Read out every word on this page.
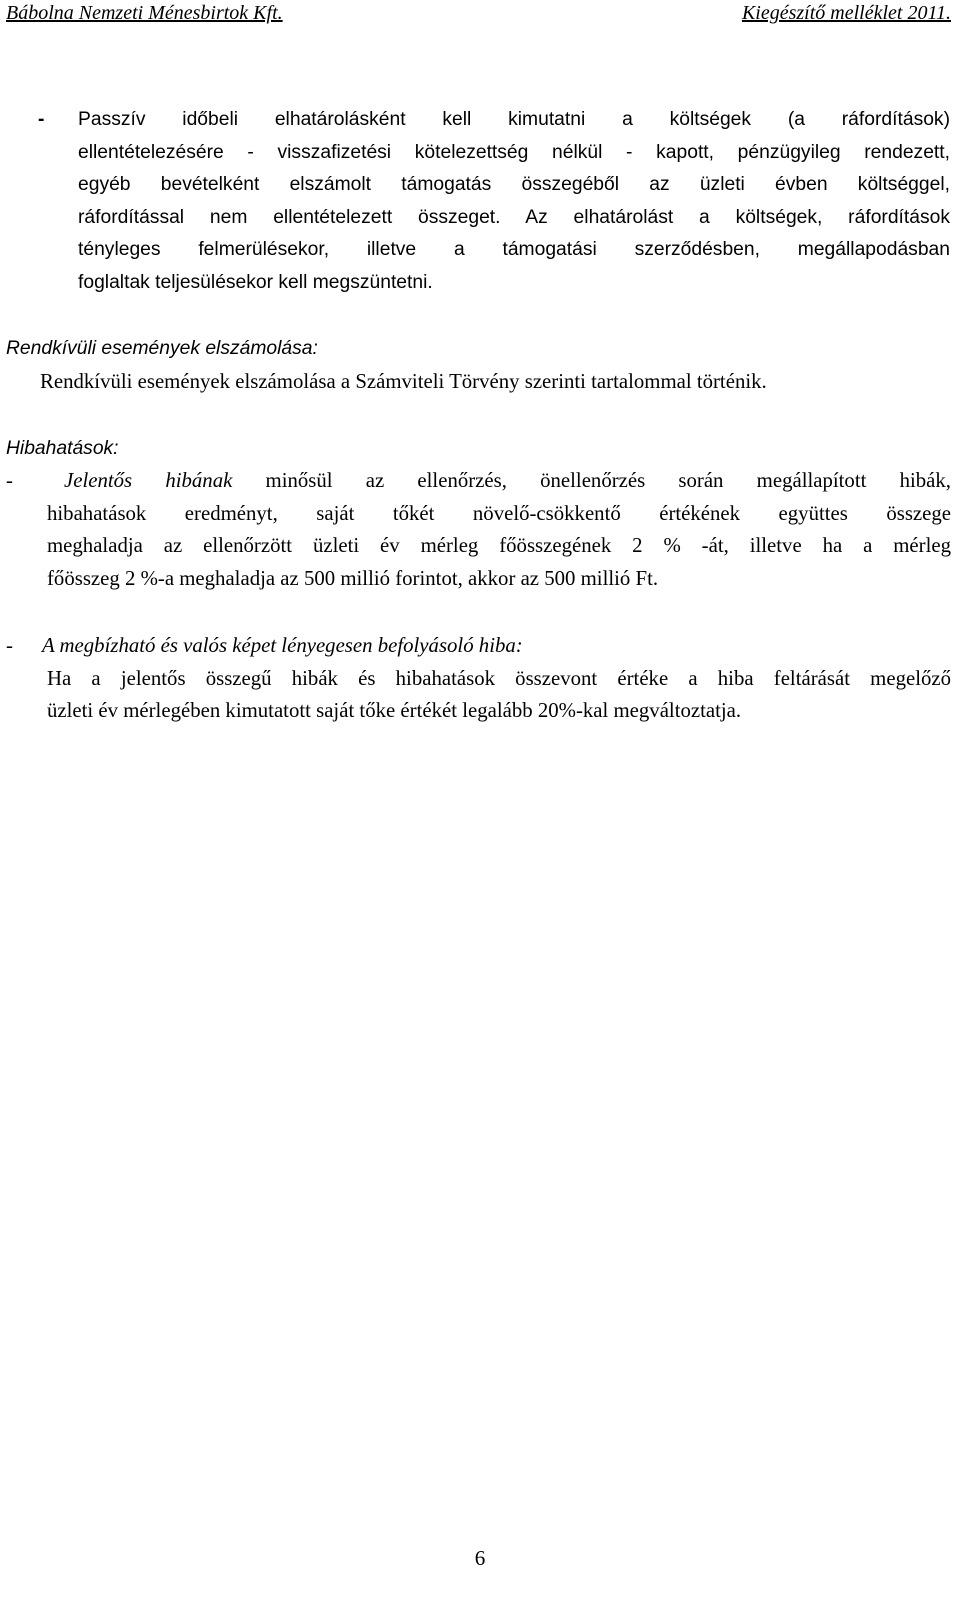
Bábolna Nemzeti Ménesbirtok Kft.	Kiegészítő melléklet 2011.
- Passzív időbeli elhatárolásként kell kimutatni a költségek (a ráfordítások)
ellentételezésére - visszafizetési kötelezettség nélkül - kapott, pénzügyileg rendezett,
egyéb bevételként elszámolt támogatás összegéből az üzleti évben költséggel,
ráfordítással nem ellentételezett összeget. Az elhatárolást a költségek, ráfordítások
tényleges felmerülésekor, illetve a támogatási szerződésben, megállapodásban
foglaltak teljesülésekor kell megszüntetni.
Rendkívüli események elszámolása:
Rendkívüli események elszámolása a Számviteli Törvény szerinti tartalommal történik.
Hibahatások:
-	Jelentős hibának minősül az ellenőrzés, önellenőrzés során megállapított hibák,
hibahatások eredményt, saját tőkét növelő-csökkentő értékének együttes összege
meghaladja az ellenőrzött üzleti év mérleg főösszegének 2 % -át, illetve ha a mérleg
főösszeg 2 %-a meghaladja az 500 millió forintot, akkor az 500 millió Ft.
- A megbízható és valós képet lényegesen befolyásoló hiba:
Ha a jelentős összegű hibák és hibahatások összevont értéke a hiba feltárását megelőző
üzleti év mérlegében kimutatott saját tőke értékét legalább 20%-kal megváltoztatja.
6
